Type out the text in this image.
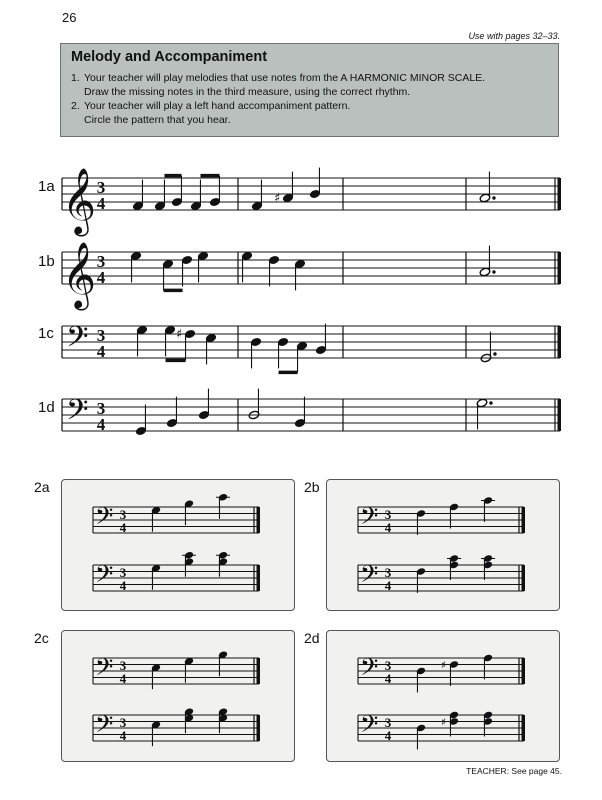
26
Use with pages 32–33.
Melody and Accompaniment
1. Your teacher will play melodies that use notes from the A HARMONIC MINOR SCALE.
Draw the missing notes in the third measure, using the correct rhythm.
2. Your teacher will play a left hand accompaniment pattern.
Circle the pattern that you hear.
1a
1b
1c
1d
2a	2b
2c	2d
𝄞 3
4
𝄞 3
4
𝄢 3
4
𝄢 3
4
♯
♯
𝄢 3
4
𝄢 3
4
𝄢 3
4
𝄢 3
4
𝄢 3
4
𝄢 3
4
𝄢 3
4
♯
𝄢 3
4
♯
TEACHER: See page 45.
